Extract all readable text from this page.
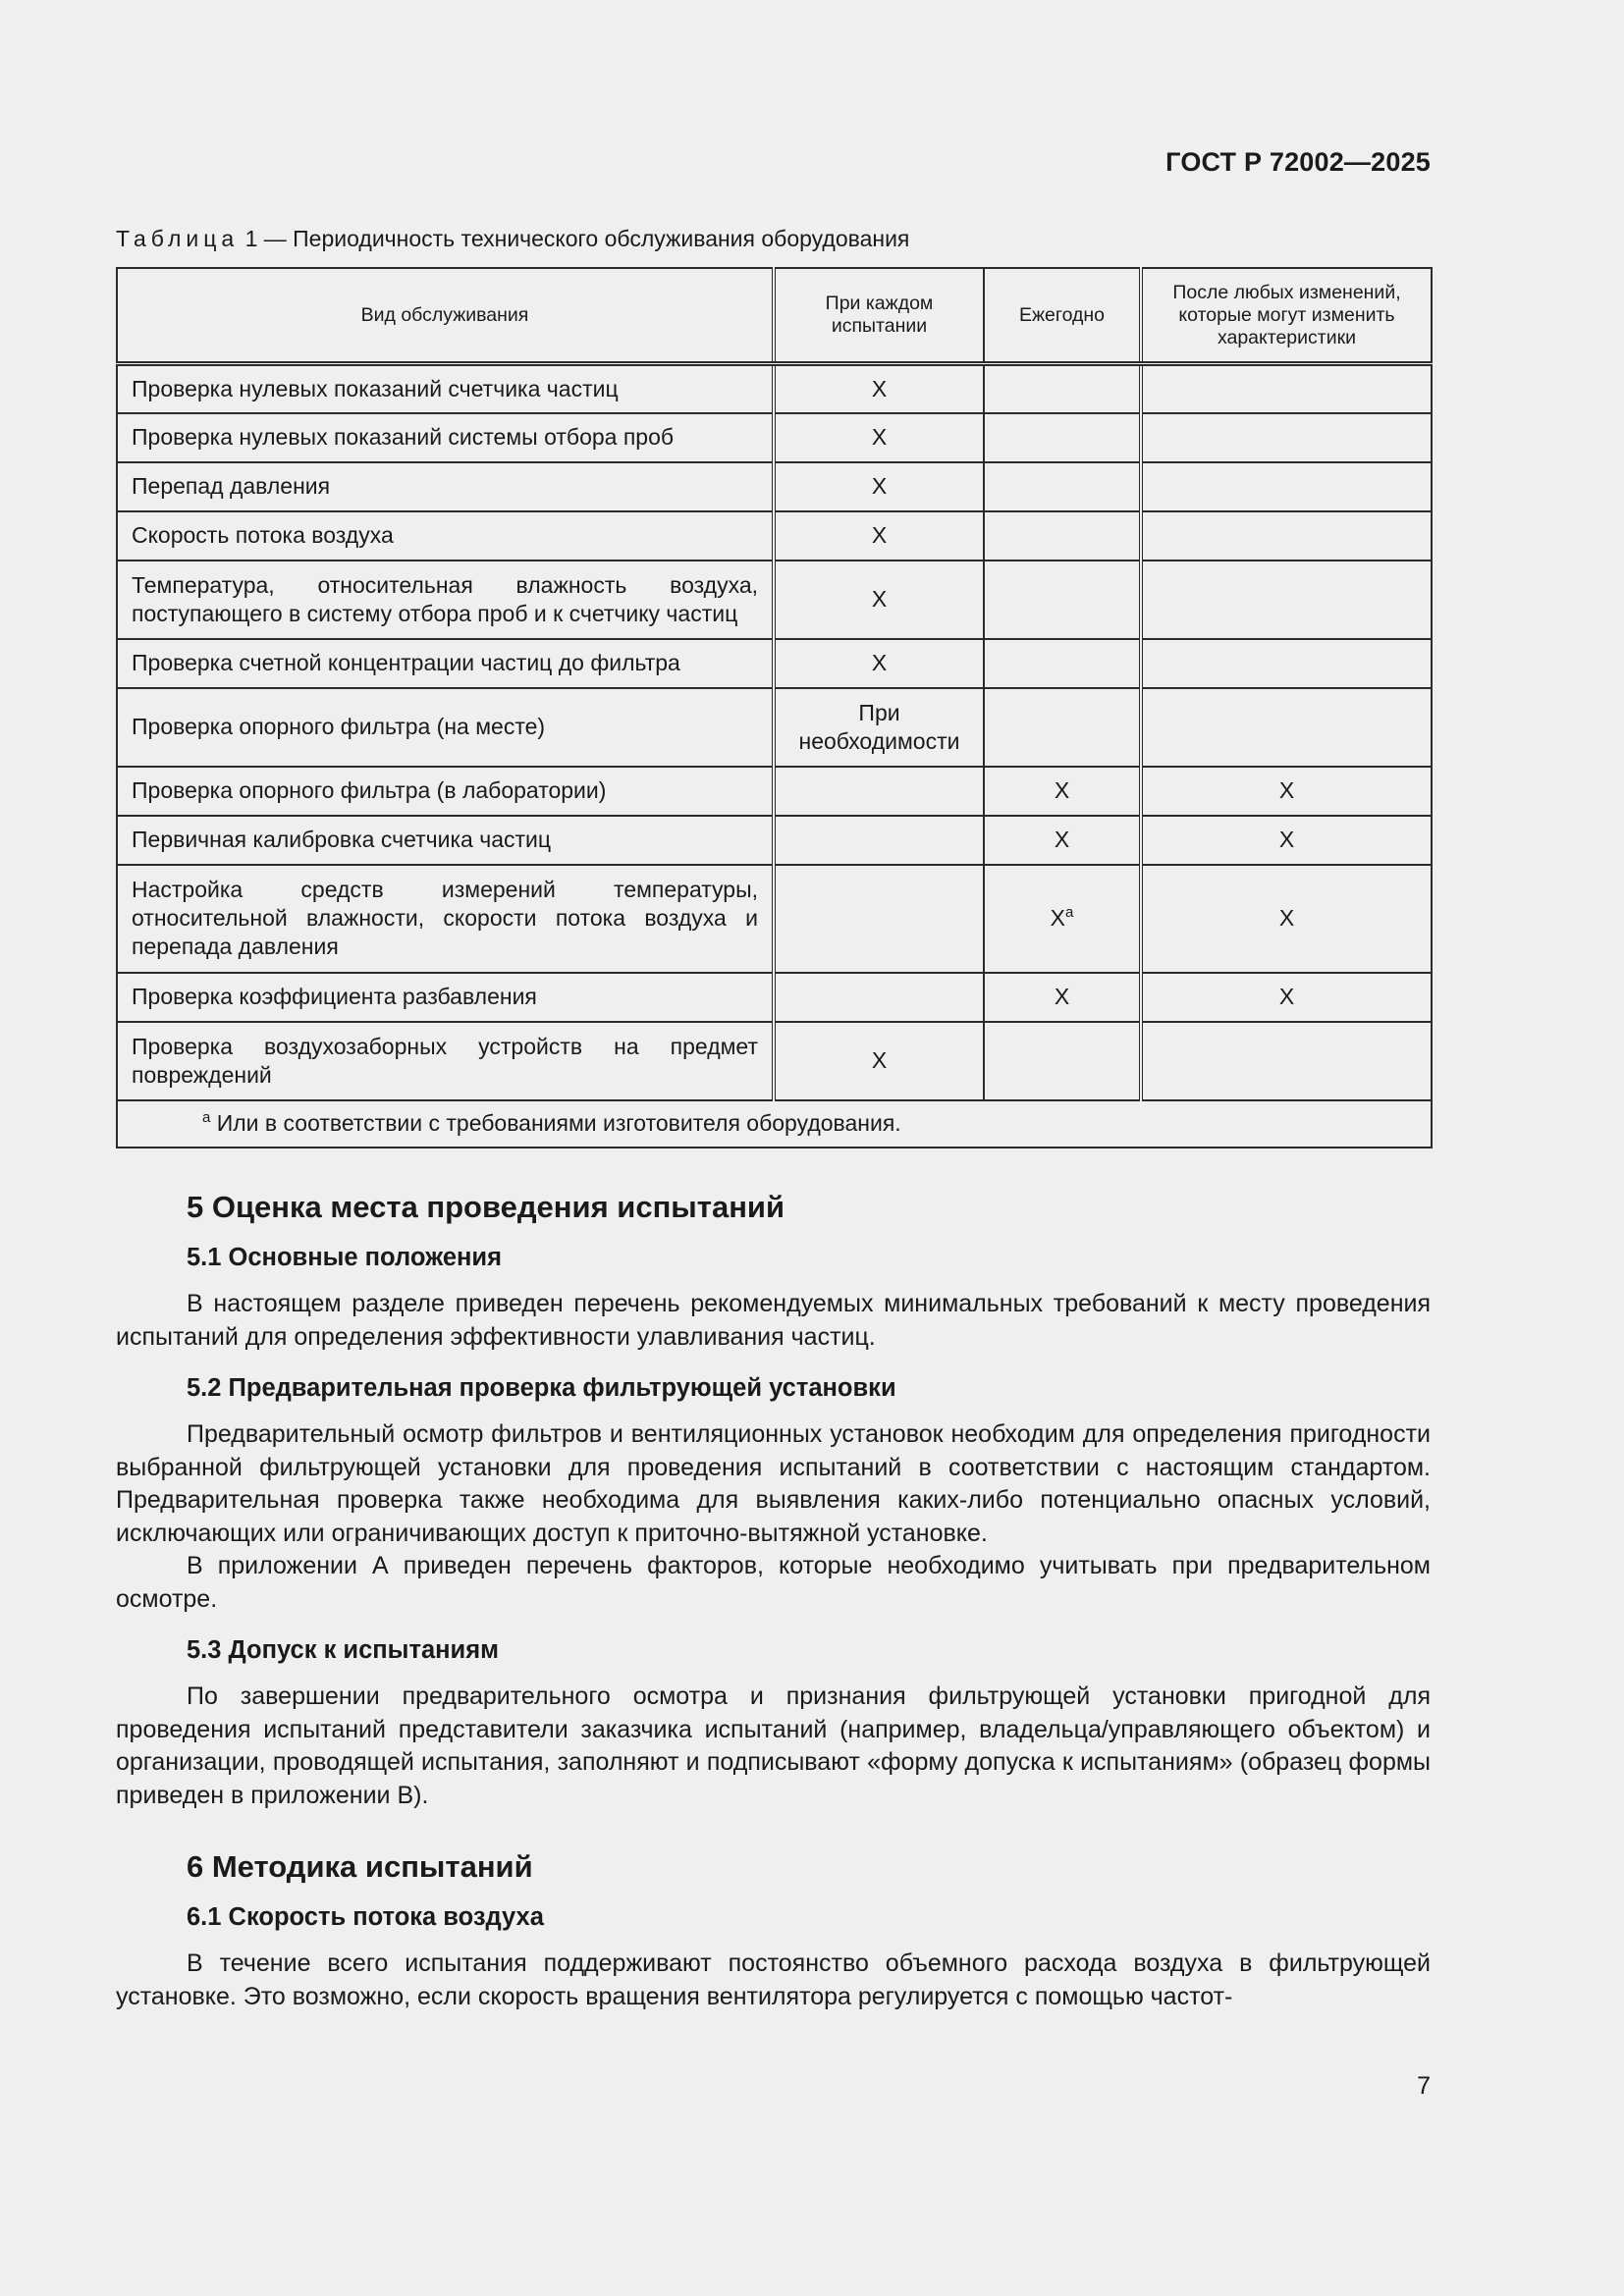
ГОСТ Р 72002—2025
Таблица 1 — Периодичность технического обслуживания оборудования
Вид обслуживания	При каждом испытании	Ежегодно	После любых изменений, которые могут изменить характеристики
Проверка нулевых показаний счетчика частиц	X		
Проверка нулевых показаний системы отбора проб	X		
Перепад давления	X		
Скорость потока воздуха	X		
Температура, относительная влажность воздуха, поступающего в систему отбора проб и к счетчику частиц	X		
Проверка счетной концентрации частиц до фильтра	X		
Проверка опорного фильтра (на месте)	При необходимости		
Проверка опорного фильтра (в лаборатории)		X	X
Первичная калибровка счетчика частиц		X	X
Настройка средств измерений температуры, относительной влажности, скорости потока воздуха и перепада давления		$X^a$	X
Проверка коэффициента разбавления		X	X
Проверка воздухозаборных устройств на предмет повреждений	X		
$^a$ Или в соответствии с требованиями изготовителя оборудования.			
5 Оценка места проведения испытаний
5.1 Основные положения

В настоящем разделе приведен перечень рекомендуемых минимальных требований к месту проведения испытаний для определения эффективности улавливания частиц.

5.2 Предварительная проверка фильтрующей установки

Предварительный осмотр фильтров и вентиляционных установок необходим для определения пригодности выбранной фильтрующей установки для проведения испытаний в соответствии с настоящим стандартом. Предварительная проверка также необходима для выявления каких-либо потенциально опасных условий, исключающих или ограничивающих доступ к приточно-вытяжной установке.

В приложении А приведен перечень факторов, которые необходимо учитывать при предварительном осмотре.

5.3 Допуск к испытаниям

По завершении предварительного осмотра и признания фильтрующей установки пригодной для проведения испытаний представители заказчика испытаний (например, владельца/управляющего объектом) и организации, проводящей испытания, заполняют и подписывают «форму допуска к испытаниям» (образец формы приведен в приложении В).

6 Методика испытаний
6.1 Скорость потока воздуха

В течение всего испытания поддерживают постоянство объемного расхода воздуха в фильтрующей установке. Это возможно, если скорость вращения вентилятора регулируется с помощью частот-

7
